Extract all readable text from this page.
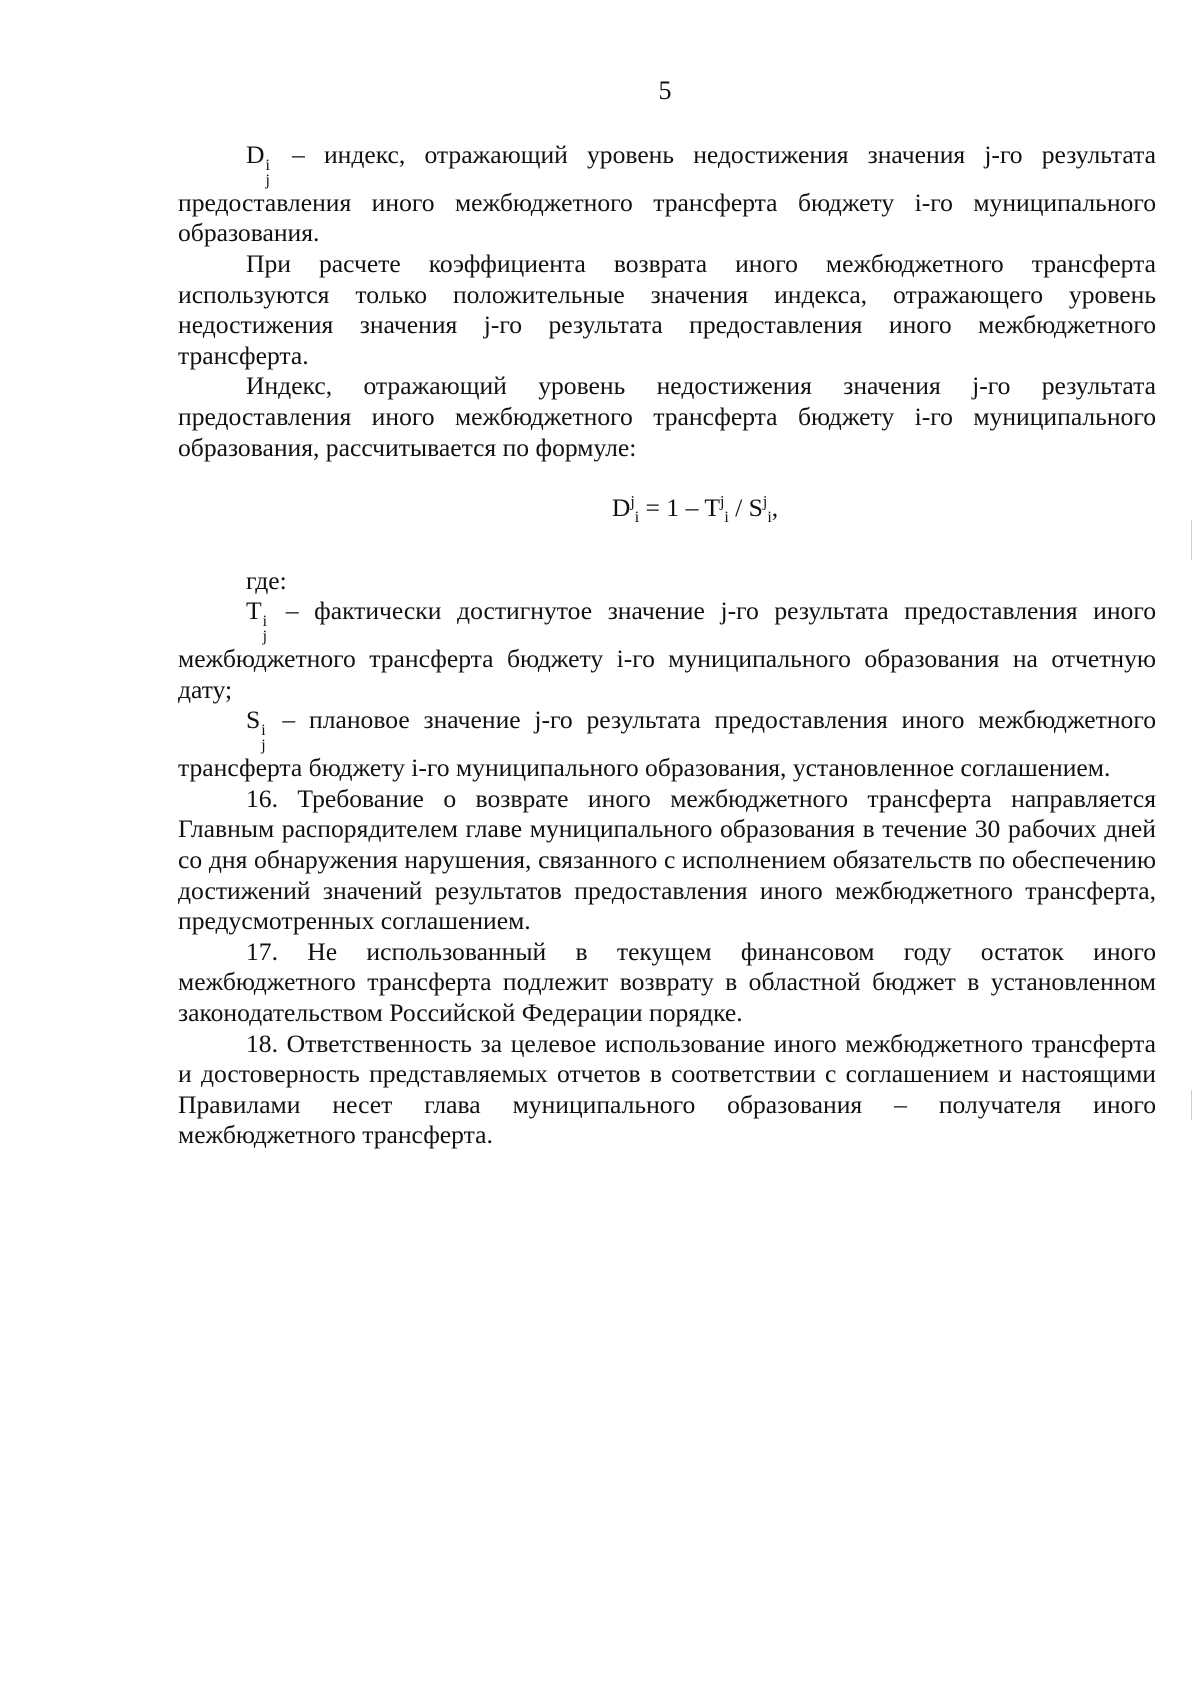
5

D i
j
– индекс, отражающий уровень недостижения значения j-го результата предоставления иного межбюджетного трансферта бюджету i-го муниципального образования.

При расчете коэффициента возврата иного межбюджетного трансферта используются только положительные значения индекса, отражающего уровень недостижения значения j-го результата предоставления иного межбюджетного трансферта.

Индекс, отражающий уровень недостижения значения j-го результата предоставления иного межбюджетного трансферта бюджету i-го муниципального образования, рассчитывается по формуле:

$D^j_i = 1 - T^j_i / S^j_i$,

где:

T i
j
– фактически достигнутое значение j-го результата предоставления иного межбюджетного трансферта бюджету i-го муниципального образования на отчетную дату;

S i
j
– плановое значение j-го результата предоставления иного межбюджетного трансферта бюджету i-го муниципального образования, установленное соглашением.

16. Требование о возврате иного межбюджетного трансферта направляется Главным распорядителем главе муниципального образования в течение 30 рабочих дней со дня обнаружения нарушения, связанного с исполнением обязательств по обеспечению достижений значений результатов предоставления иного межбюджетного трансферта, предусмотренных соглашением.

17. Не использованный в текущем финансовом году остаток иного межбюджетного трансферта подлежит возврату в областной бюджет в установленном законодательством Российской Федерации порядке.

18. Ответственность за целевое использование иного межбюджетного трансферта и достоверность представляемых отчетов в соответствии с соглашением и настоящими Правилами несет глава муниципального образования – получателя иного межбюджетного трансферта.
